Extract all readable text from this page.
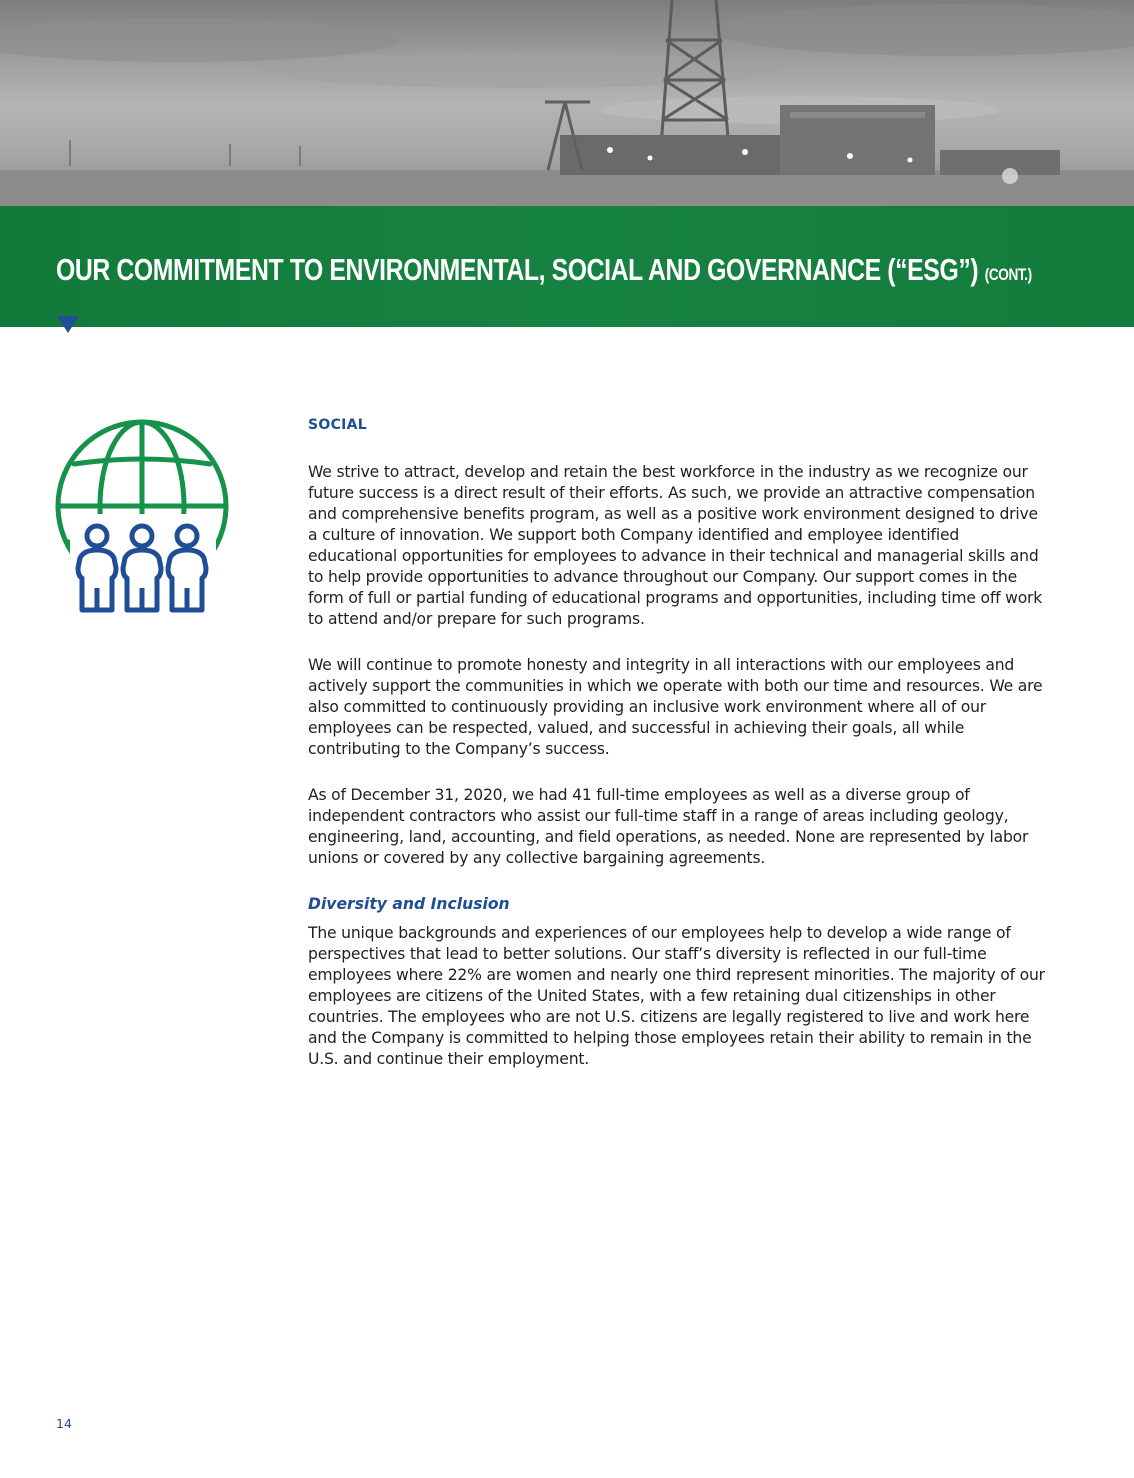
OUR COMMITMENT TO ENVIRONMENTAL, SOCIAL AND GOVERNANCE (“ESG”) (CONT.)
SOCIAL

We strive to attract, develop and retain the best workforce in the industry as we recognize our future success is a direct result of their efforts. As such, we provide an attractive compensation and comprehensive benefits program, as well as a positive work environment designed to drive a culture of innovation. We support both Company identified and employee identified educational opportunities for employees to advance in their technical and managerial skills and to help provide opportunities to advance throughout our Company. Our support comes in the form of full or partial funding of educational programs and opportunities, including time off work to attend and/or prepare for such programs.

We will continue to promote honesty and integrity in all interactions with our employees and actively support the communities in which we operate with both our time and resources. We are also committed to continuously providing an inclusive work environment where all of our employees can be respected, valued, and successful in achieving their goals, all while contributing to the Company’s success.

As of December 31, 2020, we had 41 full-time employees as well as a diverse group of independent contractors who assist our full-time staff in a range of areas including geology, engineering, land, accounting, and field operations, as needed. None are represented by labor unions or covered by any collective bargaining agreements.

Diversity and Inclusion

The unique backgrounds and experiences of our employees help to develop a wide range of perspectives that lead to better solutions. Our staff’s diversity is reflected in our full-time employees where 22% are women and nearly one third represent minorities. The majority of our employees are citizens of the United States, with a few retaining dual citizenships in other countries. The employees who are not U.S. citizens are legally registered to live and work here and the Company is committed to helping those employees retain their ability to remain in the U.S. and continue their employment.

14
